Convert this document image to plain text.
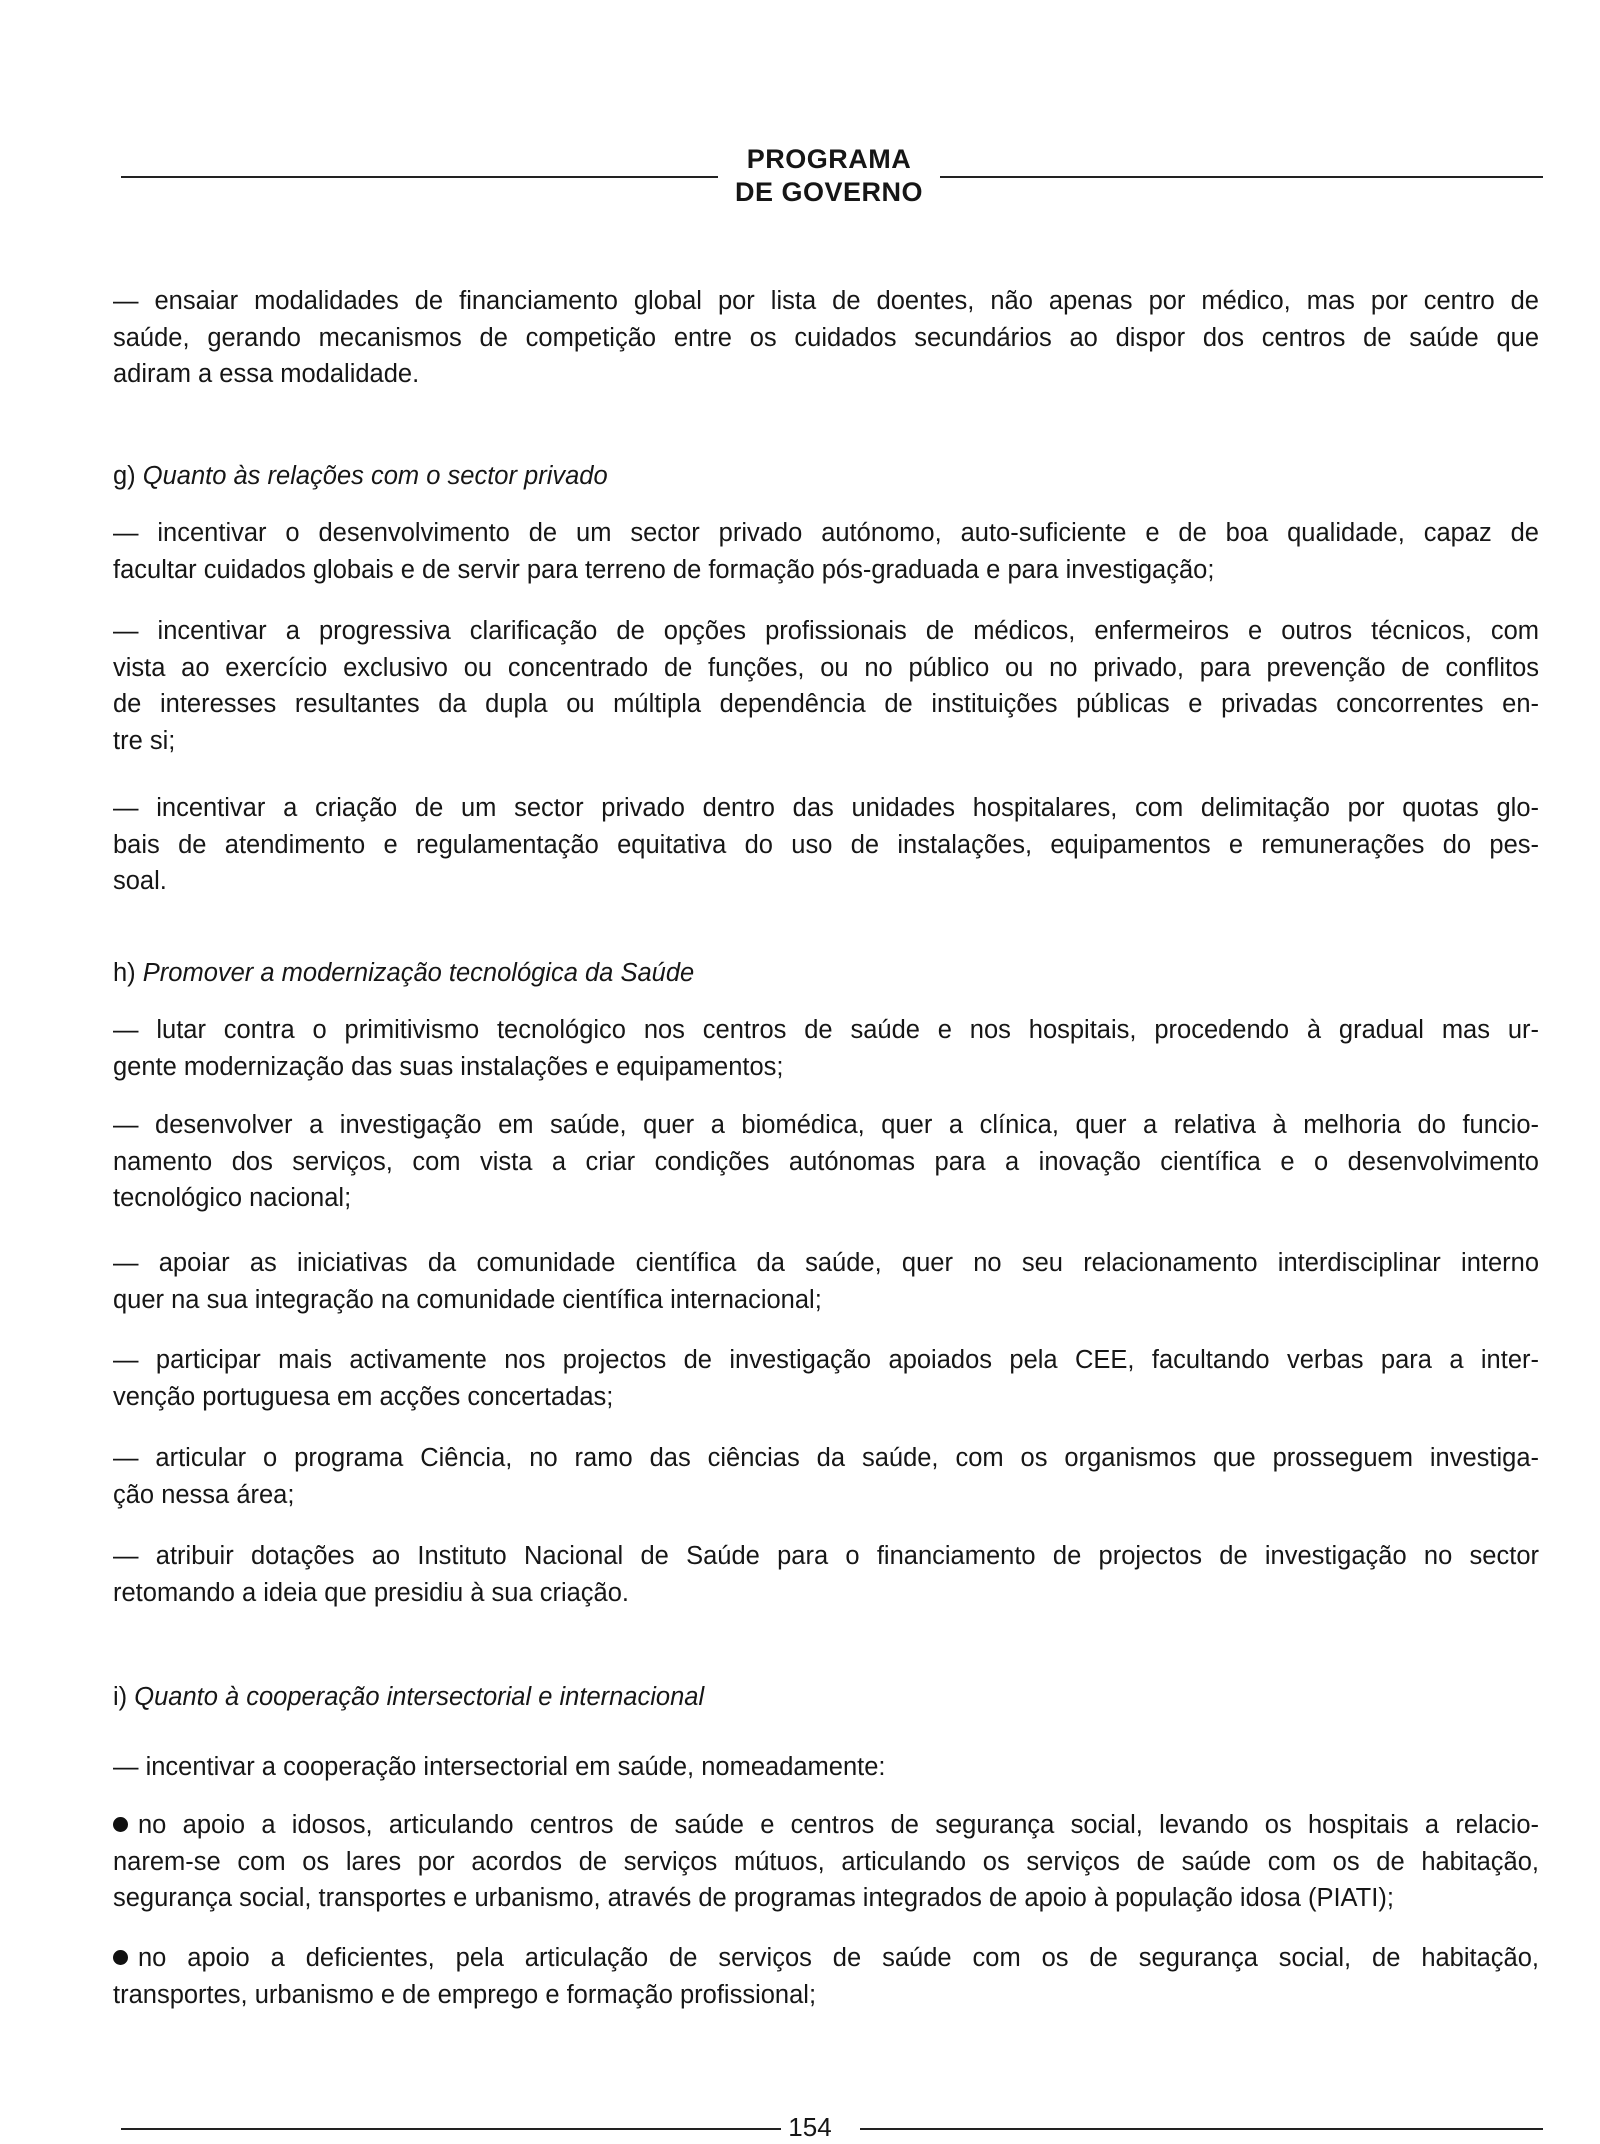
PROGRAMA
DE GOVERNO
— ensaiar modalidades de financiamento global por lista de doentes, não apenas por médico, mas por centro de
saúde, gerando mecanismos de competição entre os cuidados secundários ao dispor dos centros de saúde que
adiram a essa modalidade.
g) Quanto às relações com o sector privado
— incentivar o desenvolvimento de um sector privado autónomo, auto-suficiente e de boa qualidade, capaz de
facultar cuidados globais e de servir para terreno de formação pós-graduada e para investigação;
— incentivar a progressiva clarificação de opções profissionais de médicos, enfermeiros e outros técnicos, com
vista ao exercício exclusivo ou concentrado de funções, ou no público ou no privado, para prevenção de conflitos
de interesses resultantes da dupla ou múltipla dependência de instituições públicas e privadas concorrentes en-
tre si;
— incentivar a criação de um sector privado dentro das unidades hospitalares, com delimitação por quotas glo-
bais de atendimento e regulamentação equitativa do uso de instalações, equipamentos e remunerações do pes-
soal.
h) Promover a modernização tecnológica da Saúde
— lutar contra o primitivismo tecnológico nos centros de saúde e nos hospitais, procedendo à gradual mas ur-
gente modernização das suas instalações e equipamentos;
— desenvolver a investigação em saúde, quer a biomédica, quer a clínica, quer a relativa à melhoria do funcio-
namento dos serviços, com vista a criar condições autónomas para a inovação científica e o desenvolvimento
tecnológico nacional;
— apoiar as iniciativas da comunidade científica da saúde, quer no seu relacionamento interdisciplinar interno
quer na sua integração na comunidade científica internacional;
— participar mais activamente nos projectos de investigação apoiados pela CEE, facultando verbas para a inter-
venção portuguesa em acções concertadas;
— articular o programa Ciência, no ramo das ciências da saúde, com os organismos que prosseguem investiga-
ção nessa área;
— atribuir dotações ao Instituto Nacional de Saúde para o financiamento de projectos de investigação no sector
retomando a ideia que presidiu à sua criação.
i) Quanto à cooperação intersectorial e internacional
— incentivar a cooperação intersectorial em saúde, nomeadamente:
no apoio a idosos, articulando centros de saúde e centros de segurança social, levando os hospitais a relacio-
narem-se com os lares por acordos de serviços mútuos, articulando os serviços de saúde com os de habitação,
segurança social, transportes e urbanismo, através de programas integrados de apoio à população idosa (PIATI);
no apoio a deficientes, pela articulação de serviços de saúde com os de segurança social, de habitação,
transportes, urbanismo e de emprego e formação profissional;
154
